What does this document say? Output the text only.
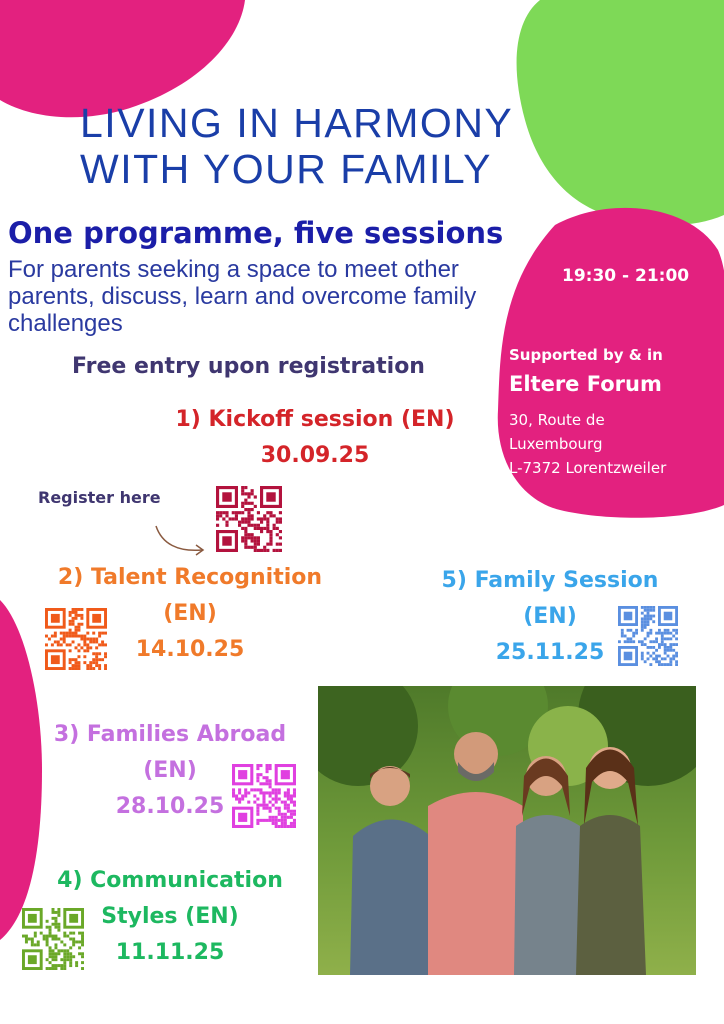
LIVING IN HARMONY
WITH YOUR FAMILY
One programme, five sessions
For parents seeking a space to meet other parents, discuss, learn and overcome family challenges
19:30 - 21:00
Supported by & in
Eltere Forum
30, Route de
Luxembourg
L-7372 Lorentzweiler
Free entry upon registration
1) Kickoff session (EN)
30.09.25
Register here
2) Talent Recognition
(EN)
14.10.25
5) Family Session
(EN)
25.11.25
3) Families Abroad
(EN)
28.10.25
4) Communication
Styles (EN)
11.11.25
